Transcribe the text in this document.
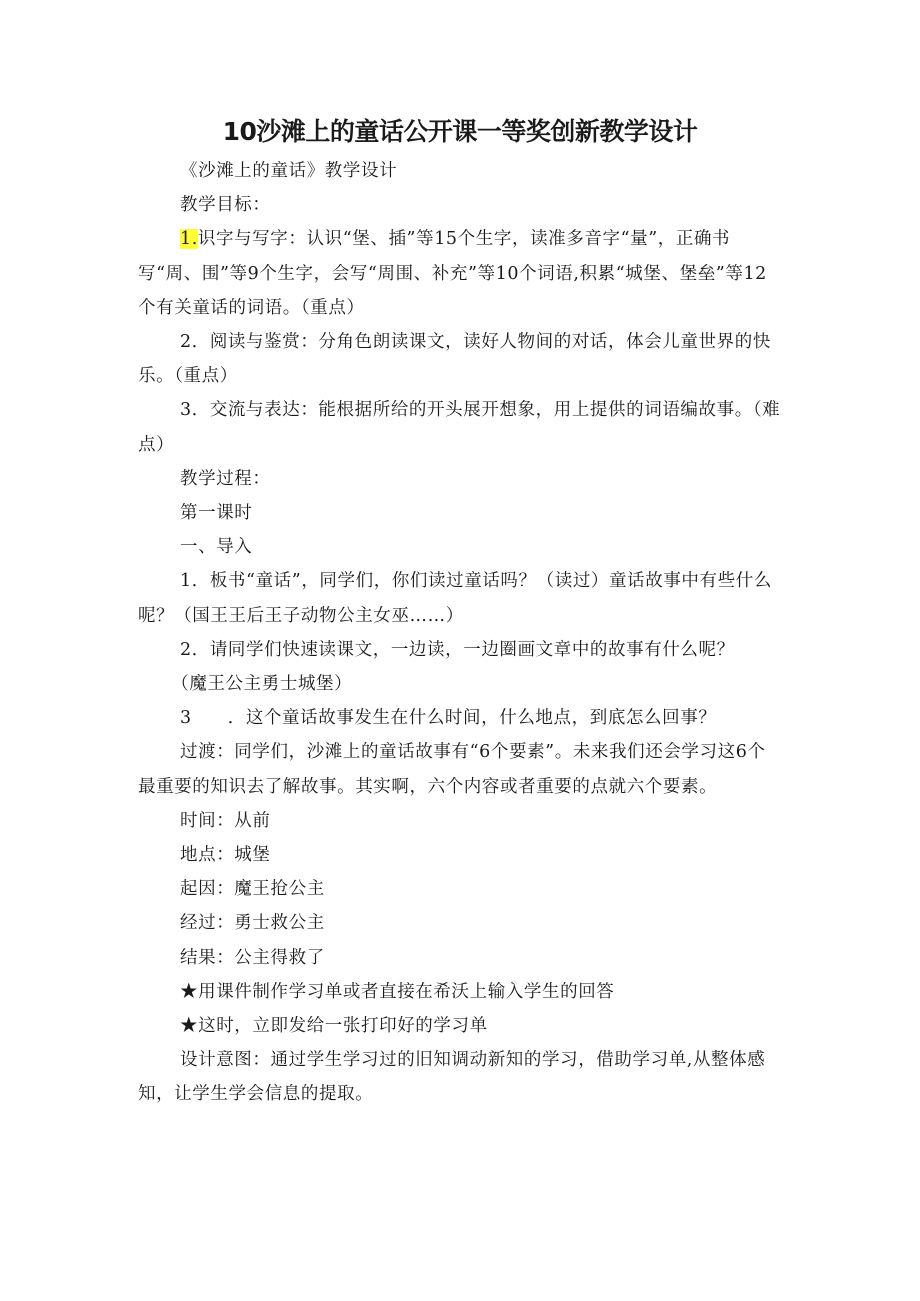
10沙滩上的童话公开课一等奖创新教学设计

《沙滩上的童话》教学设计

教学目标：

1.识字与写字：认识“堡、插”等15个生字，读准多音字“量”，正确书写“周、围”等9个生字，会写“周围、补充”等10个词语,积累“城堡、堡垒”等12个有关童话的词语。（重点）

2．阅读与鉴赏：分角色朗读课文，读好人物间的对话，体会儿童世界的快乐。（重点）

3．交流与表达：能根据所给的开头展开想象，用上提供的词语编故事。（难点）

教学过程：

第一课时

一、导入

1．板书“童话”，同学们，你们读过童话吗？（读过）童话故事中有些什么呢？（国王王后王子动物公主女巫……）

2．请同学们快速读课文，一边读，一边圈画文章中的故事有什么呢？

（魔王公主勇士城堡）

3 ．这个童话故事发生在什么时间，什么地点，到底怎么回事？

过渡：同学们，沙滩上的童话故事有“6个要素”。未来我们还会学习这6个最重要的知识去了解故事。其实啊，六个内容或者重要的点就六个要素。

时间：从前

地点：城堡

起因：魔王抢公主

经过：勇士救公主

结果：公主得救了

★用课件制作学习单或者直接在希沃上输入学生的回答

★这时，立即发给一张打印好的学习单

设计意图：通过学生学习过的旧知调动新知的学习，借助学习单,从整体感知，让学生学会信息的提取。
